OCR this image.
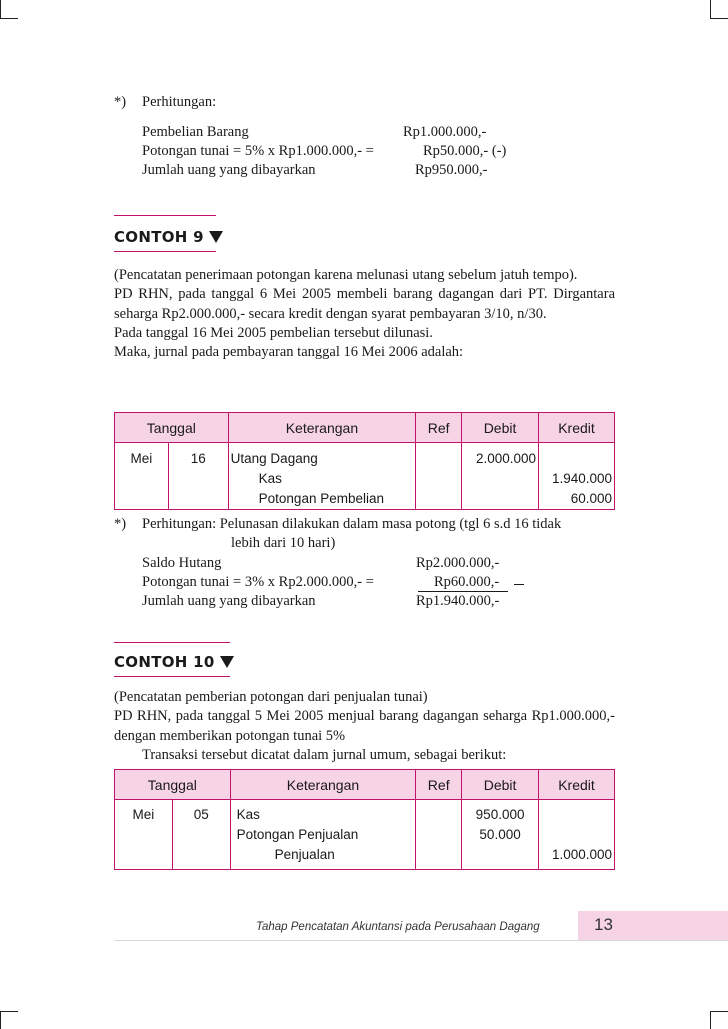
*) Perhitungan:
Pembelian Barang	Rp1.000.000,-
Potongan tunai = 5% x Rp1.000.000,- =	Rp50.000,- (-)
Jumlah uang yang dibayarkan	Rp950.000,-
CONTOH 9

(Pencatatan penerimaan potongan karena melunasi utang sebelum jatuh tempo).

PD RHN, pada tanggal 6 Mei 2005 membeli barang dagangan dari PT. Dirgantara seharga Rp2.000.000,- secara kredit dengan syarat pembayaran 3/10, n/30.

Pada tanggal 16 Mei 2005 pembelian tersebut dilunasi.

Maka, jurnal pada pembayaran tanggal 16 Mei 2006 adalah:

Tanggal		Keterangan	Ref	Debit	Kredit
Mei	16	Utang Dagang		2.000.000	
		Kas			1.940.000
		Potongan Pembelian			60.000
*) Perhitungan: Pelunasan dilakukan dalam masa potong (tgl 6 s.d 16 tidak
lebih dari 10 hari)
Saldo Hutang	Rp2.000.000,-
Potongan tunai = 3% x Rp2.000.000,- =	Rp60.000,-
Jumlah uang yang dibayarkan	Rp1.940.000,-
CONTOH 10

(Pencatatan pemberian potongan dari penjualan tunai)

PD RHN, pada tanggal 5 Mei 2005 menjual barang dagangan seharga Rp1.000.000,- dengan memberikan potongan tunai 5%

Transaksi tersebut dicatat dalam jurnal umum, sebagai berikut:

Tanggal		Keterangan	Ref	Debit	Kredit
Mei	05	Kas		950.000	
		Potongan Penjualan		50.000	
		Penjualan			1.000.000
Tahap Pencatatan Akuntansi pada Perusahaan Dagang	13
